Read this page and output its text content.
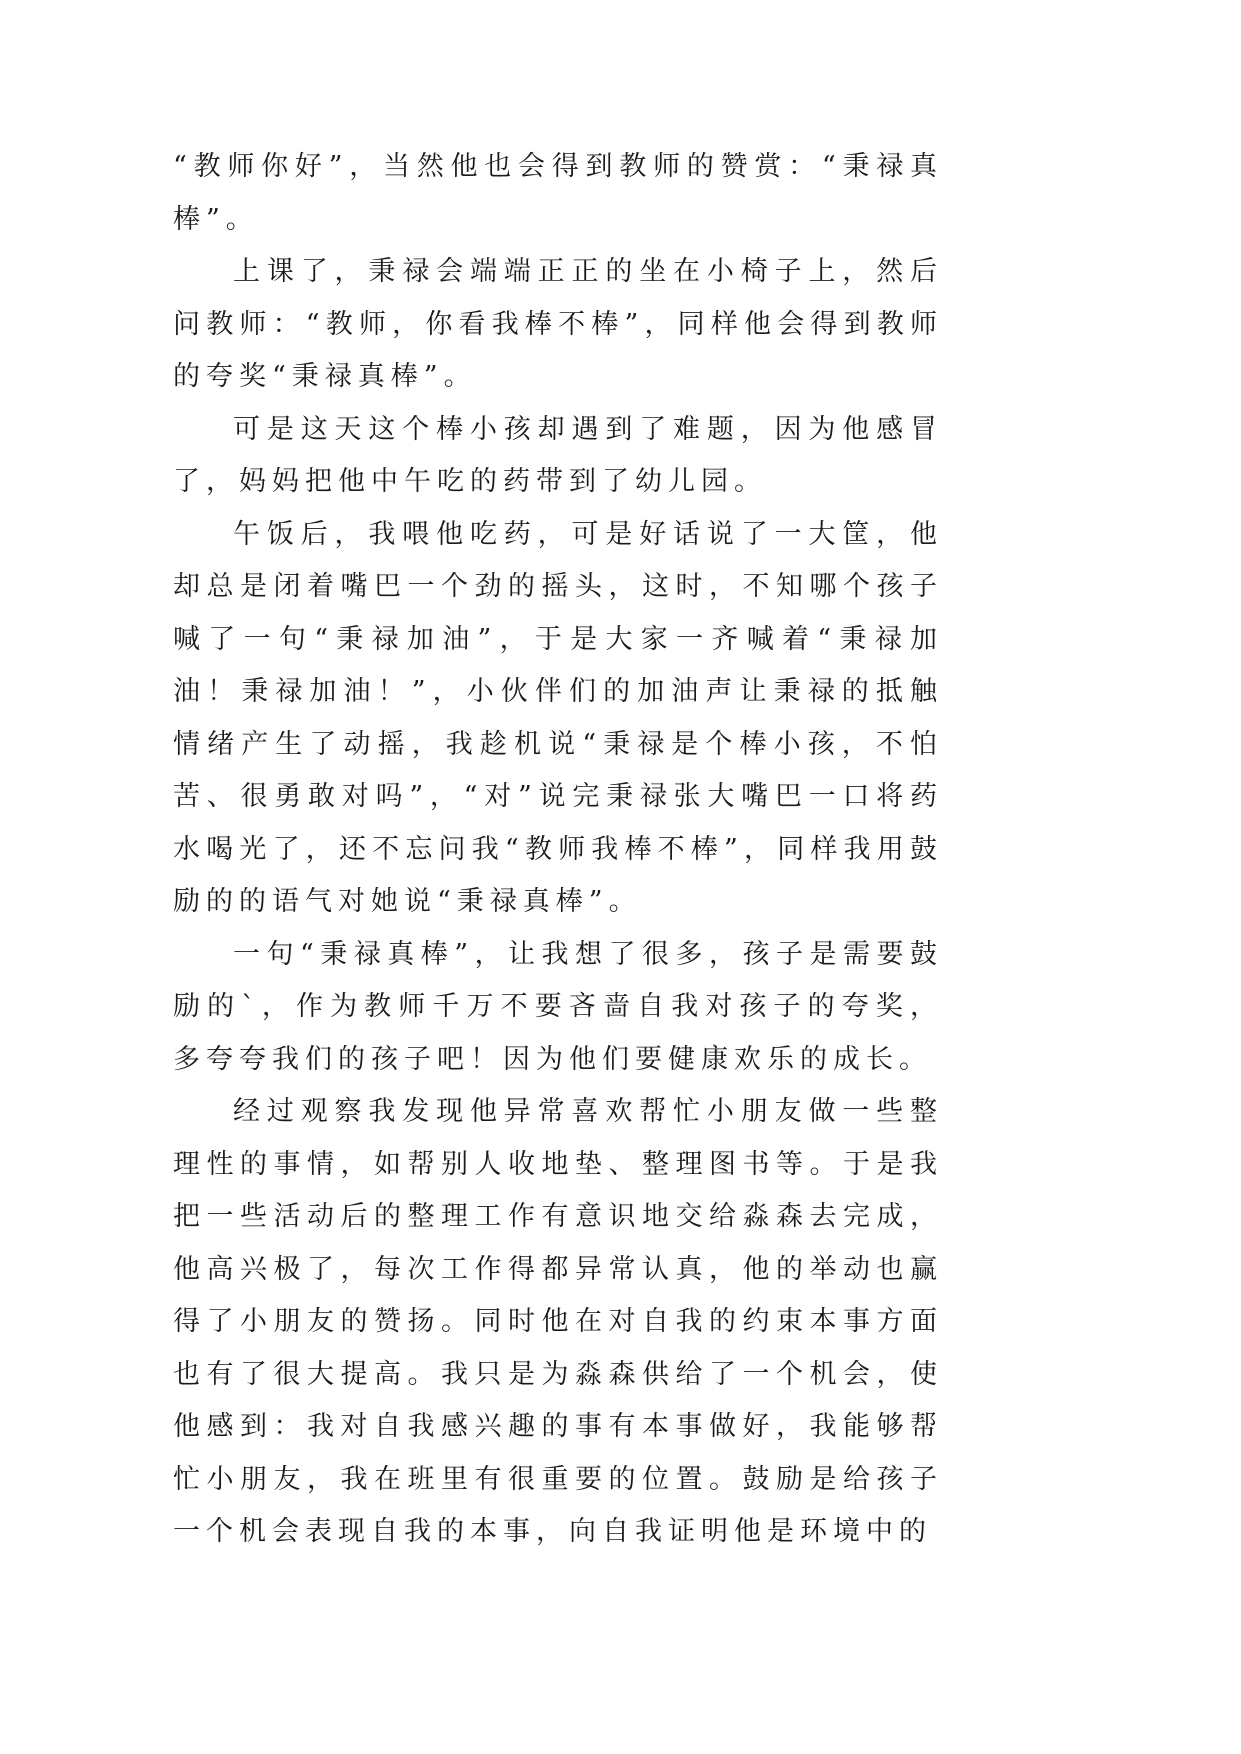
“教师你好”，当然他也会得到教师的赞赏：“秉禄真棒”。

上课了，秉禄会端端正正的坐在小椅子上，然后问教师：“教师，你看我棒不棒”，同样他会得到教师的夸奖“秉禄真棒”。

可是这天这个棒小孩却遇到了难题，因为他感冒了，妈妈把他中午吃的药带到了幼儿园。

午饭后，我喂他吃药，可是好话说了一大筐，他却总是闭着嘴巴一个劲的摇头，这时，不知哪个孩子喊了一句“秉禄加油”，于是大家一齐喊着“秉禄加油！秉禄加油！”，小伙伴们的加油声让秉禄的抵触情绪产生了动摇，我趁机说“秉禄是个棒小孩，不怕苦、很勇敢对吗”，“对”说完秉禄张大嘴巴一口将药水喝光了，还不忘问我“教师我棒不棒”，同样我用鼓励的的语气对她说“秉禄真棒”。

一句“秉禄真棒”，让我想了很多，孩子是需要鼓励的`，作为教师千万不要吝啬自我对孩子的夸奖，多夸夸我们的孩子吧！因为他们要健康欢乐的成长。

经过观察我发现他异常喜欢帮忙小朋友做一些整理性的事情，如帮别人收地垫、整理图书等。于是我把一些活动后的整理工作有意识地交给淼森去完成，他高兴极了，每次工作得都异常认真，他的举动也赢得了小朋友的赞扬。同时他在对自我的约束本事方面也有了很大提高。我只是为淼森供给了一个机会，使他感到：我对自我感兴趣的事有本事做好，我能够帮忙小朋友，我在班里有很重要的位置。鼓励是给孩子一个机会表现自我的本事，向自我证明他是环境中的
